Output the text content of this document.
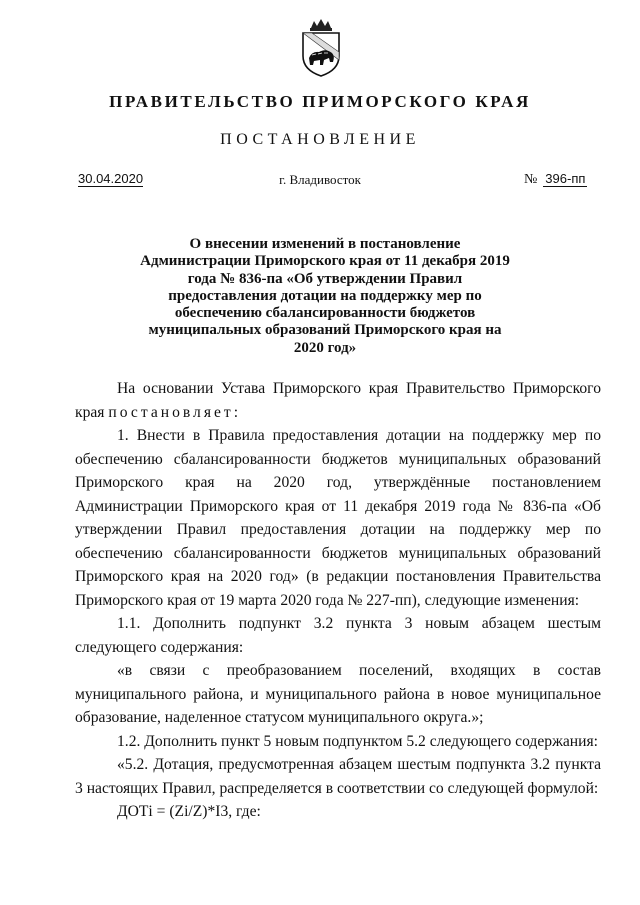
ПРАВИТЕЛЬСТВО ПРИМОРСКОГО КРАЯ
ПОСТАНОВЛЕНИЕ
30.04.2020	г. Владивосток	№ 396-пп
О внесении изменений в постановление Администрации Приморского края от 11 декабря 2019 года № 836-па «Об утверждении Правил предоставления дотации на поддержку мер по обеспечению сбалансированности бюджетов муниципальных образований Приморского края на 2020 год»

На основании Устава Приморского края Правительство Приморского края постановляет:

1. Внести в Правила предоставления дотации на поддержку мер по обеспечению сбалансированности бюджетов муниципальных образований Приморского края на 2020 год, утверждённые постановлением Администрации Приморского края от 11 декабря 2019 года № 836-па «Об утверждении Правил предоставления дотации на поддержку мер по обеспечению сбалансированности бюджетов муниципальных образований Приморского края на 2020 год» (в редакции постановления Правительства Приморского края от 19 марта 2020 года № 227-пп), следующие изменения:

1.1. Дополнить подпункт 3.2 пункта 3 новым абзацем шестым следующего содержания:

«в связи с преобразованием поселений, входящих в состав муниципального района, и муниципального района в новое муниципальное образование, наделенное статусом муниципального округа.»;

1.2. Дополнить пункт 5 новым подпунктом 5.2 следующего содержания:

«5.2. Дотация, предусмотренная абзацем шестым подпункта 3.2 пункта 3 настоящих Правил, распределяется в соответствии со следующей формулой:

ДОТi = (Zi/Z)*I3, где:
